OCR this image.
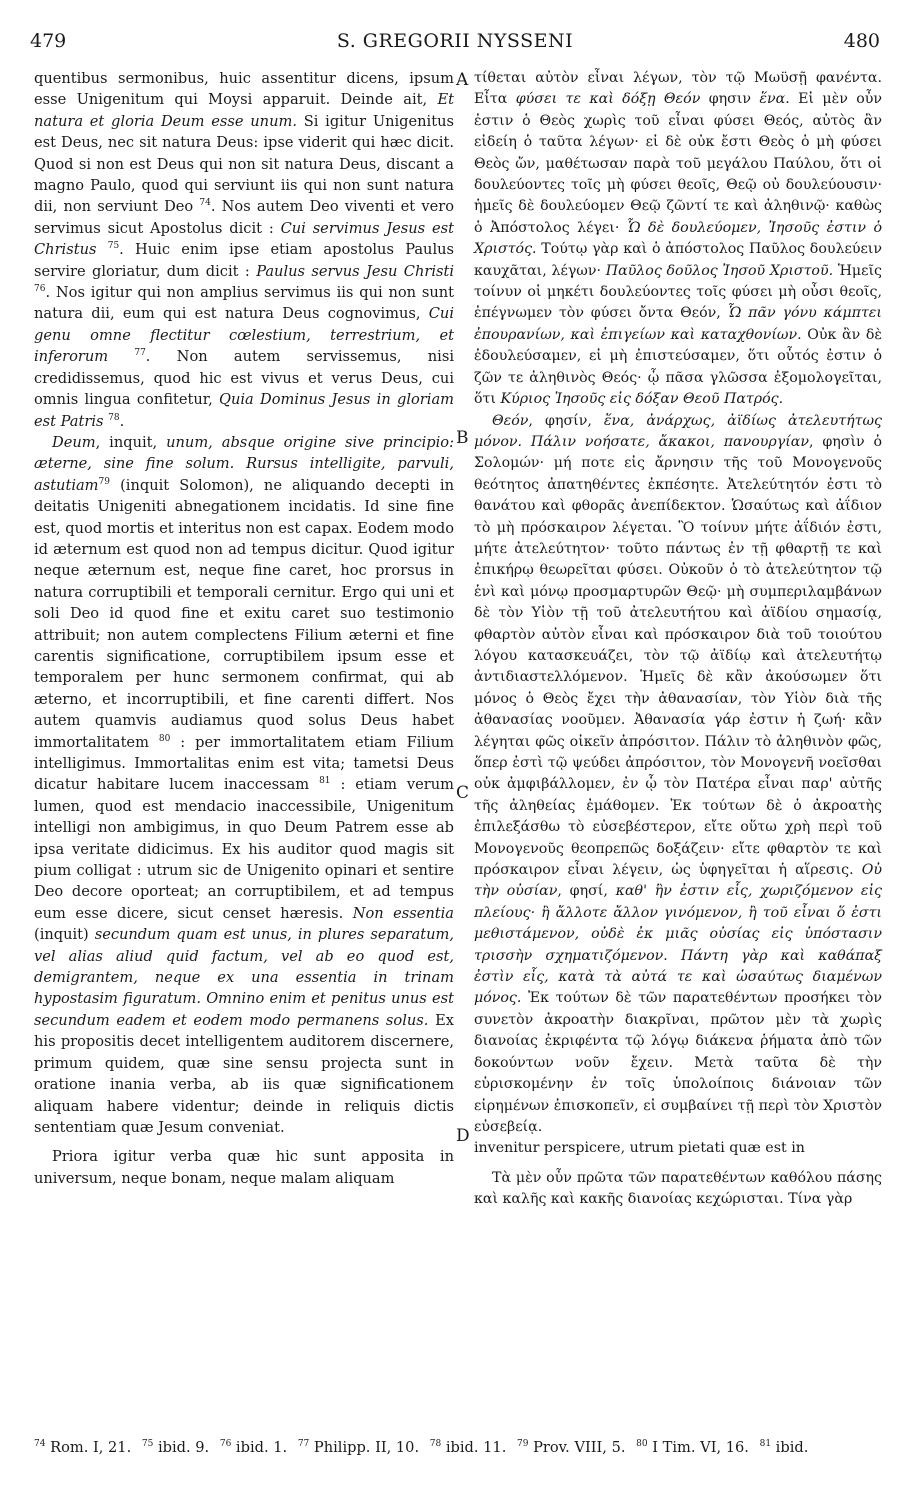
479	S. GREGORII NYSSENI	480

quentibus sermonibus, huic assentitur dicens, ipsum esse Unigenitum qui Moysi apparuit. Deinde ait, Et natura et gloria Deum esse unum. Si igitur Unigenitus est Deus, nec sit natura Deus: ipse viderit qui hæc dicit. Quod si non est Deus qui non sit natura Deus, discant a magno Paulo, quod qui serviunt iis qui non sunt natura dii, non serviunt Deo $^{74}$. Nos autem Deo viventi et vero servimus sicut Apostolus dicit : Cui servimus Jesus est Christus $^{75}$. Huic enim ipse etiam apostolus Paulus servire gloriatur, dum dicit : Paulus servus Jesu Christi $^{76}$. Nos igitur qui non amplius servimus iis qui non sunt natura dii, eum qui est natura Deus cognovimus, Cui genu omne flectitur cœlestium, terrestrium, et inferorum	$^{77}$. Non autem servissemus, nisi credidissemus, quod hic est vivus et verus Deus, cui omnis lingua confitetur, Quia Dominus Jesus in gloriam est Patris $^{78}$.

Deum, inquit, unum, absque origine sive principio: æterne, sine fine solum. Rursus intelligite, parvuli, astutiam$^{79}$ (inquit Solomon), ne aliquando decepti in deitatis Unigeniti abnegationem incidatis. Id sine fine est, quod mortis et interitus non est capax. Eodem modo id æternum est quod non ad tempus dicitur. Quod igitur neque æternum est, neque fine caret, hoc prorsus in natura corruptibili et temporali cernitur. Ergo qui uni et soli Deo id quod fine et exitu caret suo testimonio attribuit; non autem complectens Filium æterni et fine carentis significatione, corruptibilem ipsum esse et temporalem per hunc sermonem confirmat, qui ab æterno, et incorruptibili, et fine carenti differt. Nos autem quamvis audiamus quod solus Deus habet immortalitatem $^{80}$ : per immortalitatem etiam Filium intelligimus. Immortalitas enim est vita; tametsi Deus dicatur habitare lucem inaccessam $^{81}$ : etiam verum lumen, quod est mendacio inaccessibile, Unigenitum intelligi non ambigimus, in quo Deum Patrem esse ab ipsa veritate didicimus. Ex his auditor quod magis sit pium colligat : utrum sic de Unigenito opinari et sentire Deo decore oporteat; an corruptibilem, et ad tempus eum esse dicere, sicut censet hæresis. Non essentia (inquit) secundum quam est unus, in plures separatum, vel alias aliud quid factum, vel ab eo quod est, demigrantem, neque ex una essentia in trinam hypostasim figuratum. Omnino enim et penitus unus est secundum eadem et eodem modo permanens solus. Ex his propositis decet intelligentem auditorem discernere, primum quidem, quæ sine sensu projecta sunt in oratione inania verba, ab iis quæ significationem aliquam habere videntur; deinde in reliquis dictis sententiam quæ Jesum conveniat.

Priora igitur verba quæ hic sunt apposita in universum, neque bonam, neque malam aliquam

A
B
C
D

τίθεται αὐτὸν εἶναι λέγων, τὸν τῷ Μωϋσῇ φανέντα. Εἶτα φύσει τε καὶ δόξῃ Θεόν φησιν ἕνα. Εἰ μὲν οὖν ἐστιν ὁ Θεὸς χωρὶς τοῦ εἶναι φύσει Θεός, αὐτὸς ἂν εἰδείη ὁ ταῦτα λέγων· εἰ δὲ οὐκ ἔστι Θεὸς ὁ μὴ φύσει Θεὸς ὤν, μαθέτωσαν παρὰ τοῦ μεγάλου Παύλου, ὅτι οἱ δουλεύοντες τοῖς μὴ φύσει θεοῖς, Θεῷ οὐ δουλεύουσιν· ἡμεῖς δὲ δουλεύομεν Θεῷ ζῶντί τε καὶ ἀληθινῷ· καθὼς ὁ Ἀπόστολος λέγει· Ὧ δὲ δουλεύομεν, Ἰησοῦς ἐστιν ὁ Χριστός. Τούτῳ γὰρ καὶ ὁ ἀπόστολος Παῦλος δουλεύειν καυχᾶται, λέγων· Παῦλος δοῦλος Ἰησοῦ Χριστοῦ. Ἡμεῖς τοίνυν οἱ μηκέτι δουλεύοντες τοῖς φύσει μὴ οὖσι θεοῖς, ἐπέγνωμεν τὸν φύσει ὄντα Θεόν, Ὧ πᾶν γόνυ κάμπτει ἐπουρανίων, καὶ ἐπιγείων καὶ καταχθονίων. Οὐκ ἂν δὲ ἐδουλεύσαμεν, εἰ μὴ ἐπιστεύσαμεν, ὅτι οὗτός ἐστιν ὁ ζῶν τε ἀληθινὸς Θεός· ᾧ πᾶσα γλῶσσα ἐξομολογεῖται, ὅτι Κύριος Ἰησοῦς εἰς δόξαν Θεοῦ Πατρός.

Θεόν, φησίν, ἕνα, ἀνάρχως, ἀϊδίως ἀτελευτήτως μόνον. Πάλιν νοήσατε, ἄκακοι, πανουργίαν, φησὶν ὁ Σολομών· μή ποτε εἰς ἄρνησιν τῆς τοῦ Μονογενοῦς θεότητος ἀπατηθέντες ἐκπέσητε. Ἀτελεύτητόν ἐστι τὸ θανάτου καὶ φθορᾶς ἀνεπίδεκτον. Ὡσαύτως καὶ ἀΐδιον τὸ μὴ πρόσκαιρον λέγεται. Ὃ τοίνυν μήτε ἀΐδιόν ἐστι, μήτε ἀτελεύτητον· τοῦτο πάντως ἐν τῇ φθαρτῇ τε καὶ ἐπικήρῳ θεωρεῖται φύσει. Οὐκοῦν ὁ τὸ ἀτελεύτητον τῷ ἑνὶ καὶ μόνῳ προσμαρτυρῶν Θεῷ· μὴ συμπεριλαμβάνων δὲ τὸν Υἱὸν τῇ τοῦ ἀτελευτήτου καὶ ἀϊδίου σημασίᾳ, φθαρτὸν αὐτὸν εἶναι καὶ πρόσκαιρον διὰ τοῦ τοιούτου λόγου κατασκευάζει, τὸν τῷ ἀϊδίῳ καὶ ἀτελευτήτῳ ἀντιδιαστελλόμενον. Ἡμεῖς δὲ κἂν ἀκούσωμεν ὅτι μόνος ὁ Θεὸς ἔχει τὴν ἀθανασίαν, τὸν Υἱὸν διὰ τῆς ἀθανασίας νοοῦμεν. Ἀθανασία γάρ ἐστιν ἡ ζωή· κἂν λέγηται φῶς οἰκεῖν ἀπρόσιτον. Πάλιν τὸ ἀληθινὸν φῶς, ὅπερ ἐστὶ τῷ ψεύδει ἀπρόσιτον, τὸν Μονογενῆ νοεῖσθαι οὐκ ἀμφιβάλλομεν, ἐν ᾧ τὸν Πατέρα εἶναι παρ' αὐτῆς τῆς ἀληθείας ἐμάθομεν. Ἐκ τούτων δὲ ὁ ἀκροατὴς ἐπιλεξάσθω τὸ εὐσεβέστερον, εἴτε οὕτω χρὴ περὶ τοῦ Μονογενοῦς θεοπρεπῶς δοξάζειν· εἴτε φθαρτὸν τε καὶ πρόσκαιρον εἶναι λέγειν, ὡς ὑφηγεῖται ἡ αἵρεσις. Οὐ τὴν οὐσίαν, φησί, καθ' ἣν ἐστιν εἷς, χωριζόμενον εἰς πλείους· ἢ ἄλλοτε ἄλλον γινόμενον, ἢ τοῦ εἶναι ὅ ἐστι μεθιστάμενον, οὐδὲ ἐκ μιᾶς οὐσίας εἰς ὑπόστασιν τρισσὴν σχηματιζόμενον. Πάντη γὰρ καὶ καθάπαξ ἐστὶν εἷς, κατὰ τὰ αὐτά τε καὶ ὡσαύτως διαμένων μόνος. Ἐκ τούτων δὲ τῶν παρατεθέντων προσήκει τὸν συνετὸν ἀκροατὴν διακρῖναι, πρῶτον μὲν τὰ χωρὶς διανοίας ἐκριφέντα τῷ λόγῳ διάκενα ῥήματα ἀπὸ τῶν δοκούντων νοῦν ἔχειν. Μετὰ ταῦτα δὲ τὴν εὑρισκομένην ἐν τοῖς ὑπολοίποις διάνοιαν τῶν εἰρημένων ἐπισκοπεῖν, εἰ συμβαίνει τῇ περὶ τὸν Χριστὸν εὐσεβείᾳ.

invenitur perspicere, utrum pietati quæ est in

Τὰ μὲν οὖν πρῶτα τῶν παρατεθέντων καθόλου πάσης καὶ καλῆς καὶ κακῆς διανοίας κεχώρισται. Τίνα γὰρ

$^{74}$ Rom. I, 21. $^{75}$ ibid. 9. $^{76}$ ibid. 1. $^{77}$ Philipp. II, 10. $^{78}$ ibid. 11. $^{79}$ Prov. VIII, 5. $^{80}$ I Tim. VI, 16. $^{81}$ ibid.
